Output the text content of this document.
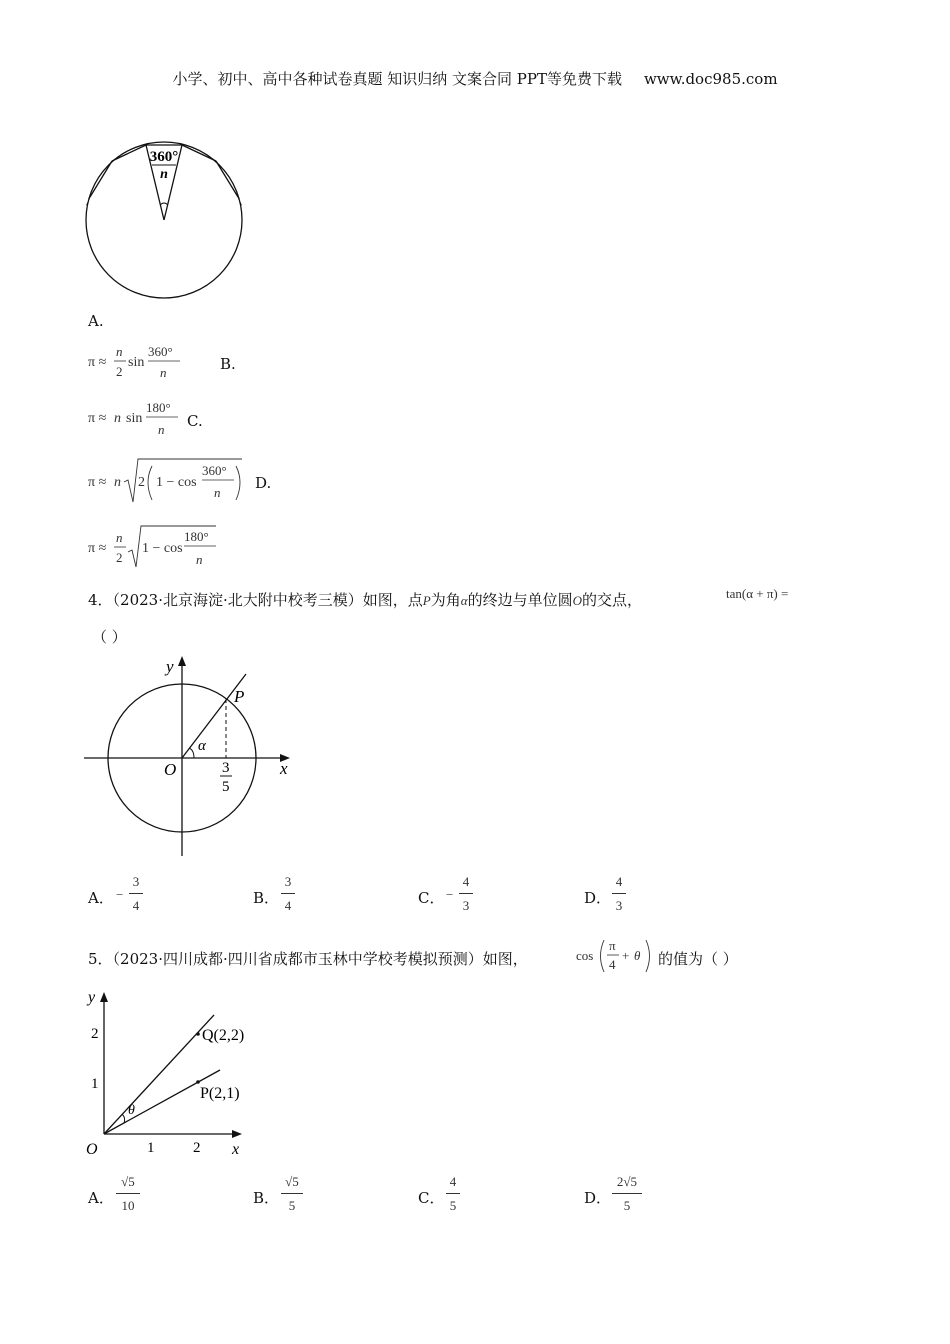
小学、初中、高中各种试卷真题 知识归纳 文案合同 PPT等免费下载 www.doc985.com
360°
n
A.
π ≈
n
2
sin
360°
n	B.
π ≈ n sin
180°
n C.
π ≈ n 2 1 − cos
360°
n
D.
π ≈
n
2
1 − cos
180°
n
4．（2023·北京海淀·北大附中校考三模）如图，点P为角α的终边与单位圆O的交点，	tan(α + π) =
（ ）
y
x
O
P
α
3
5
A． −
3
4	B．
3
4	C． −
4
3	D．
4
3
5．（2023·四川成都·四川省成都市玉林中学校考模拟预测）如图，	cos
π
4
+ θ 的值为（ ）
y
x
O	1	2
1
2	Q(2,2)
P(2,1)
θ
A．
√5
10	B．
√5
5	C．
4
5	D．
2√5
5
